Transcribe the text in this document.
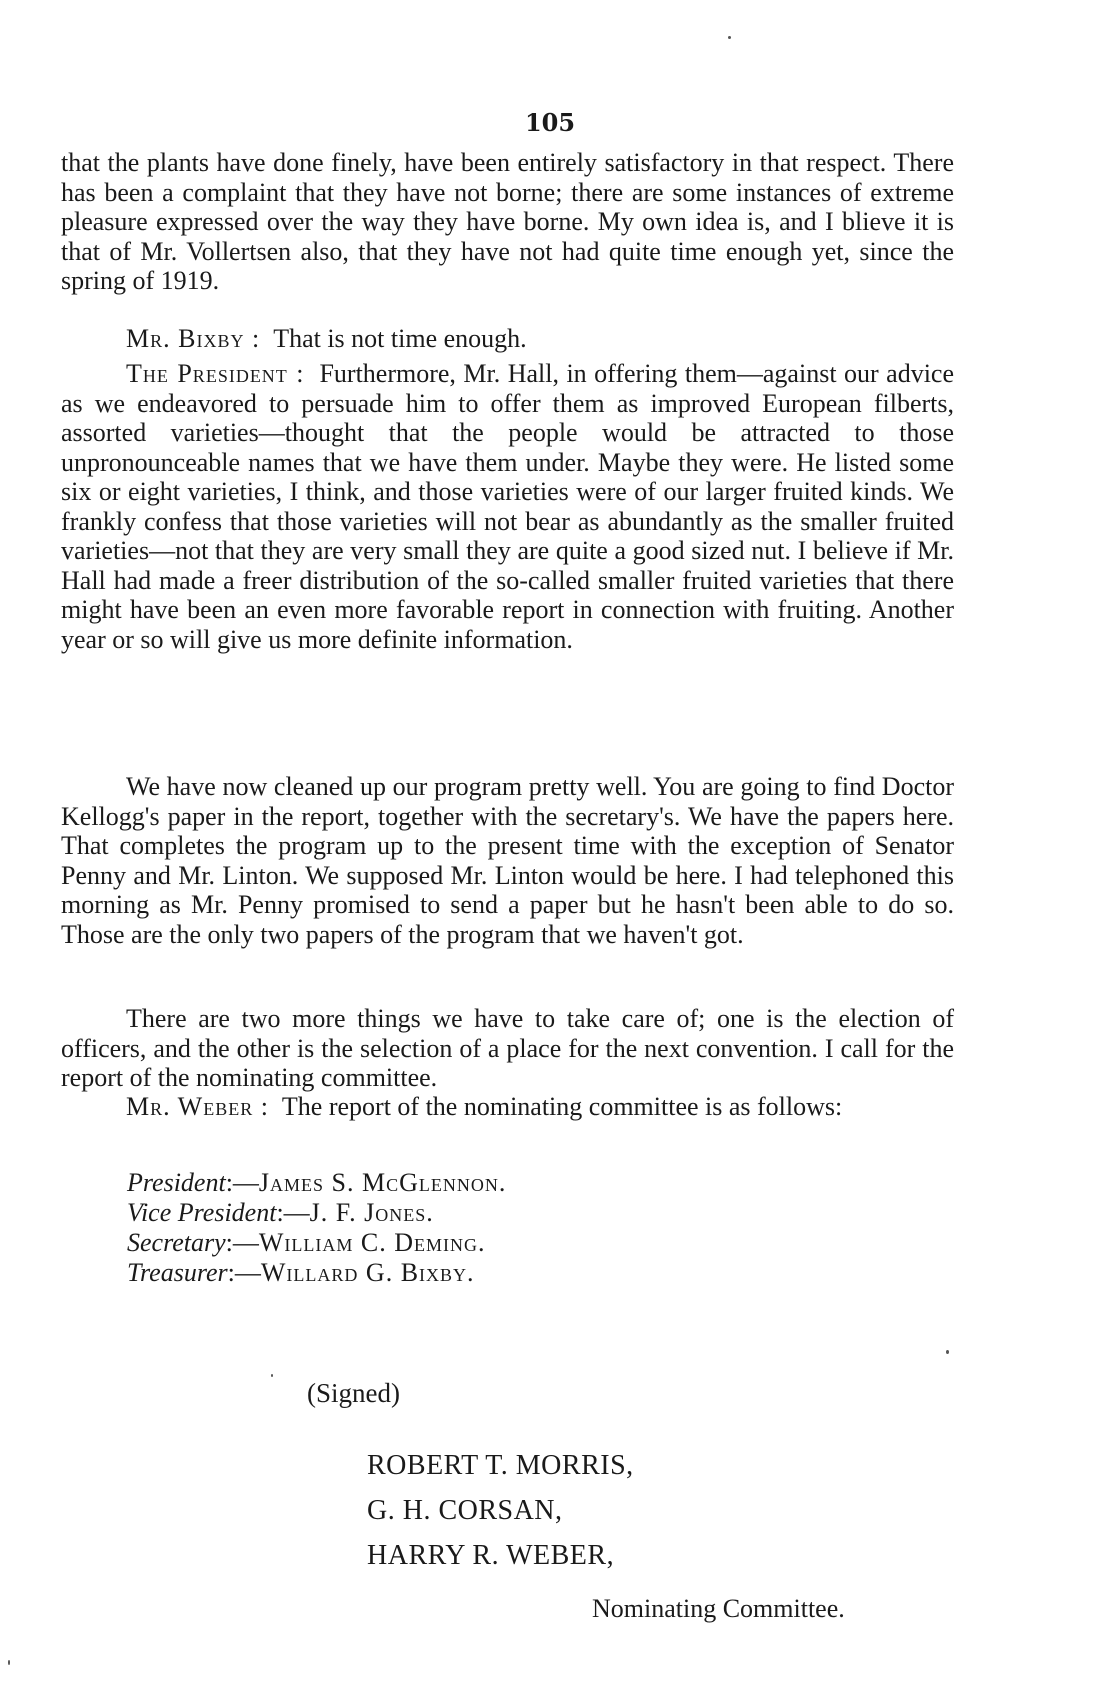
105

that the plants have done finely, have been entirely satisfactory in that respect. There has been a complaint that they have not borne; there are some instances of extreme pleasure expressed over the way they have borne. My own idea is, and I blieve it is that of Mr. Vollertsen also, that they have not had quite time enough yet, since the spring of 1919.

Mr. Bixby : That is not time enough.

The President : Furthermore, Mr. Hall, in offering them—against our advice as we endeavored to persuade him to offer them as improved European filberts, assorted varieties—thought that the people would be attracted to those unpronounceable names that we have them under. Maybe they were. He listed some six or eight varieties, I think, and those varieties were of our larger fruited kinds. We frankly confess that those varieties will not bear as abundantly as the smaller fruited varieties—not that they are very small they are quite a good sized nut. I believe if Mr. Hall had made a freer distribution of the so-called smaller fruited varieties that there might have been an even more favorable report in connection with fruiting. Another year or so will give us more definite information.

We have now cleaned up our program pretty well. You are going to find Doctor Kellogg's paper in the report, together with the secretary's. We have the papers here. That completes the program up to the present time with the exception of Senator Penny and Mr. Linton. We supposed Mr. Linton would be here. I had telephoned this morning as Mr. Penny promised to send a paper but he hasn't been able to do so. Those are the only two papers of the program that we haven't got.

There are two more things we have to take care of; one is the election of officers, and the other is the selection of a place for the next convention. I call for the report of the nominating committee.

Mr. Weber : The report of the nominating committee is as follows:

President:—James S. McGlennon.
Vice President:—J. F. Jones.
Secretary:—William C. Deming.
Treasurer:—Willard G. Bixby.
(Signed)
ROBERT T. MORRIS,
G. H. CORSAN,
HARRY R. WEBER,
Nominating Committee.
